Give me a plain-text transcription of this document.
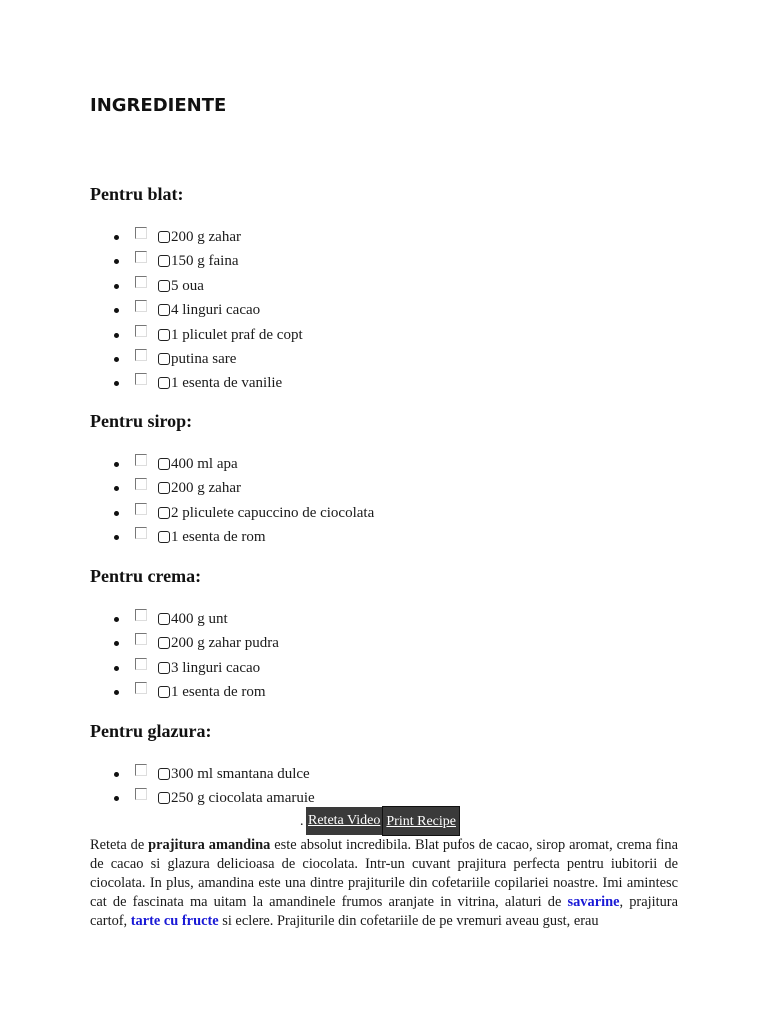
INGREDIENTE
Pentru blat:
200 g zahar
150 g faina
5 oua
4 linguri cacao
1 pliculet praf de copt
putina sare
1 esenta de vanilie
Pentru sirop:
400 ml apa
200 g zahar
2 pliculete capuccino de ciocolata
1 esenta de rom
Pentru crema:
400 g unt
200 g zahar pudra
3 linguri cacao
1 esenta de rom
Pentru glazura:
300 ml smantana dulce
250 g ciocolata amaruie
. Reteta Video Print Recipe

Reteta de prajitura amandina este absolut incredibila. Blat pufos de cacao, sirop aromat, crema fina de cacao si glazura delicioasa de ciocolata. Intr-un cuvant prajitura perfecta pentru iubitorii de ciocolata. In plus, amandina este una dintre prajiturile din cofetariile copilariei noastre. Imi amintesc cat de fascinata ma uitam la amandinele frumos aranjate in vitrina, alaturi de savarine, prajitura cartof, tarte cu fructe si eclere. Prajiturile din cofetariile de pe vremuri aveau gust, erau
